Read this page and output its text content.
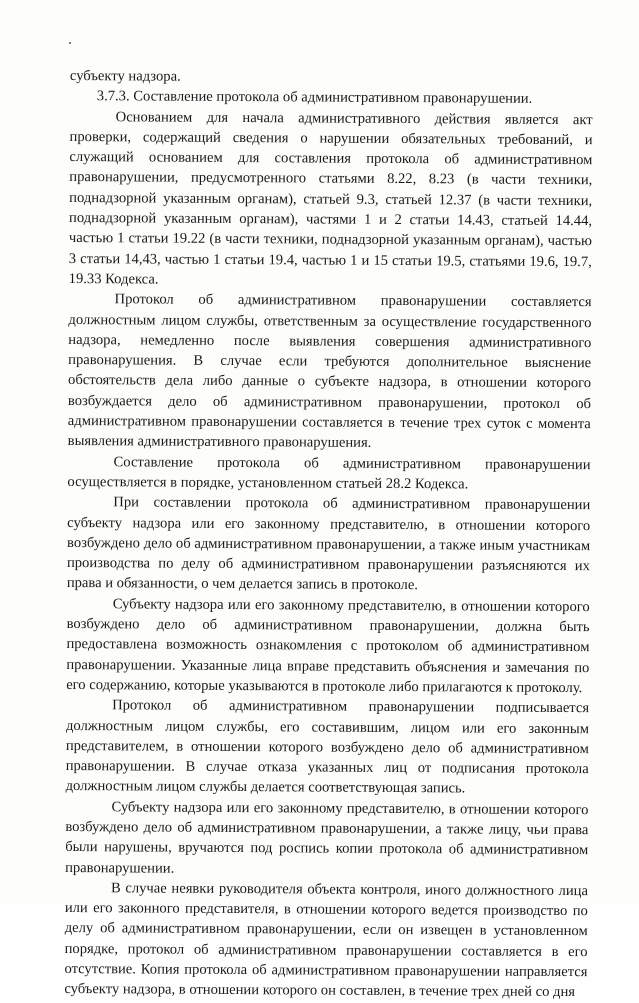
субъекту надзора.

3.7.3. Составление протокола об административном правонарушении.

Основанием для начала административного действия является акт проверки, содержащий сведения о нарушении обязательных требований, и служащий основанием для составления протокола об административном правонарушении, предусмотренного статьями 8.22, 8.23 (в части техники, поднадзорной указанным органам), статьей 9.3, статьей 12.37 (в части техники, поднадзорной указанным органам), частями 1 и 2 статьи 14.43, статьей 14.44, частью 1 статьи 19.22 (в части техники, поднадзорной указанным органам), частью 3 статьи 14,43, частью 1 статьи 19.4, частью 1 и 15 статьи 19.5, статьями 19.6, 19.7, 19.33 Кодекса.

Протокол об административном правонарушении составляется должностным лицом службы, ответственным за осуществление государственного надзора, немедленно после выявления совершения административного правонарушения. В случае если требуются дополнительное выяснение обстоятельств дела либо данные о субъекте надзора, в отношении которого возбуждается дело об административном правонарушении, протокол об административном правонарушении составляется в течение трех суток с момента выявления административного правонарушения.

Составление протокола об административном правонарушении осуществляется в порядке, установленном статьей 28.2 Кодекса.

При составлении протокола об административном правонарушении субъекту надзора или его законному представителю, в отношении которого возбуждено дело об административном правонарушении, а также иным участникам производства по делу об административном правонарушении разъясняются их права и обязанности, о чем делается запись в протоколе.

Субъекту надзора или его законному представителю, в отношении которого возбуждено дело об административном правонарушении, должна быть предоставлена возможность ознакомления с протоколом об административном правонарушении. Указанные лица вправе представить объяснения и замечания по его содержанию, которые указываются в протоколе либо прилагаются к протоколу.

Протокол об административном правонарушении подписывается должностным лицом службы, его составившим, лицом или его законным представителем, в отношении которого возбуждено дело об административном правонарушении. В случае отказа указанных лиц от подписания протокола должностным лицом службы делается соответствующая запись.

Субъекту надзора или его законному представителю, в отношении которого возбуждено дело об административном правонарушении, а также лицу, чьи права были нарушены, вручаются под роспись копии протокола об административном правонарушении.

В случае неявки руководителя объекта контроля, иного должностного лица или его законного представителя, в отношении которого ведется производство по делу об административном правонарушении, если он извещен в установленном порядке, протокол об административном правонарушении составляется в его отсутствие. Копия протокола об административном правонарушении направляется субъекту надзора, в отношении которого он составлен, в течение трех дней со дня
